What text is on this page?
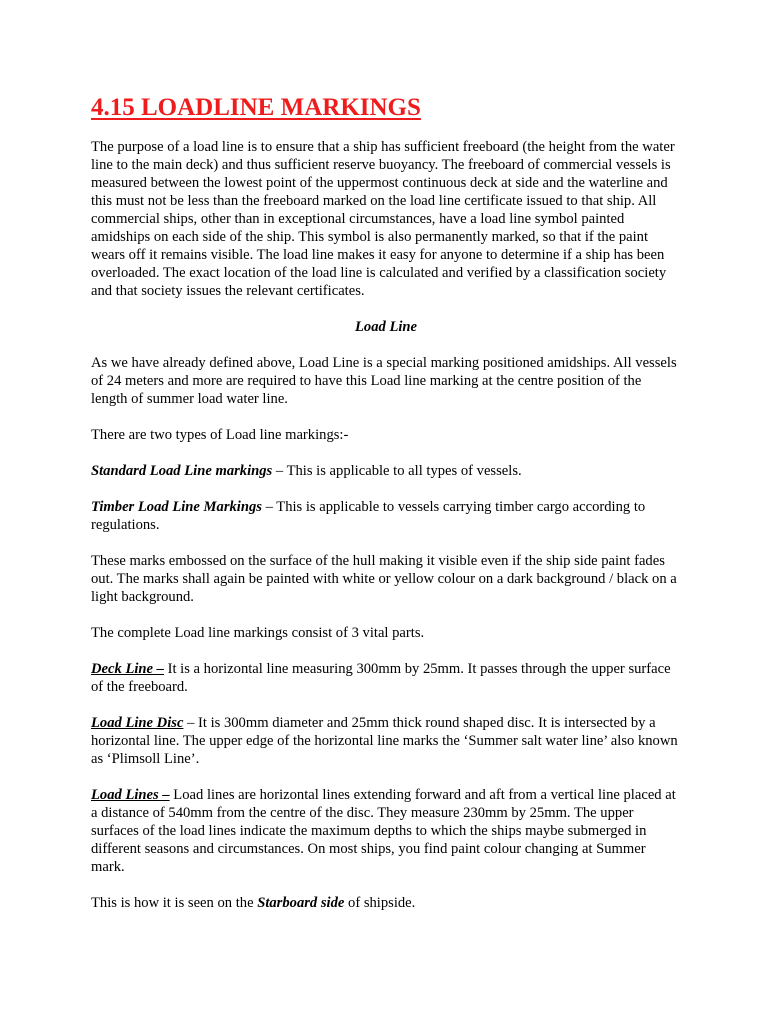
4.15 LOADLINE MARKINGS

The purpose of a load line is to ensure that a ship has sufficient freeboard (the height from the water line to the main deck) and thus sufficient reserve buoyancy. The freeboard of commercial vessels is measured between the lowest point of the uppermost continuous deck at side and the waterline and this must not be less than the freeboard marked on the load line certificate issued to that ship. All commercial ships, other than in exceptional circumstances, have a load line symbol painted amidships on each side of the ship. This symbol is also permanently marked, so that if the paint wears off it remains visible. The load line makes it easy for anyone to determine if a ship has been overloaded. The exact location of the load line is calculated and verified by a classification society and that society issues the relevant certificates.

Load Line

As we have already defined above, Load Line is a special marking positioned amidships. All vessels of 24 meters and more are required to have this Load line marking at the centre position of the length of summer load water line.

There are two types of Load line markings:-

Standard Load Line markings – This is applicable to all types of vessels.

Timber Load Line Markings – This is applicable to vessels carrying timber cargo according to regulations.

These marks embossed on the surface of the hull making it visible even if the ship side paint fades out. The marks shall again be painted with white or yellow colour on a dark background / black on a light background.

The complete Load line markings consist of 3 vital parts.

Deck Line – It is a horizontal line measuring 300mm by 25mm. It passes through the upper surface of the freeboard.

Load Line Disc – It is 300mm diameter and 25mm thick round shaped disc. It is intersected by a horizontal line. The upper edge of the horizontal line marks the ‘Summer salt water line’ also known as ‘Plimsoll Line’.

Load Lines – Load lines are horizontal lines extending forward and aft from a vertical line placed at a distance of 540mm from the centre of the disc. They measure 230mm by 25mm. The upper surfaces of the load lines indicate the maximum depths to which the ships maybe submerged in different seasons and circumstances. On most ships, you find paint colour changing at Summer mark.

This is how it is seen on the Starboard side of shipside.
